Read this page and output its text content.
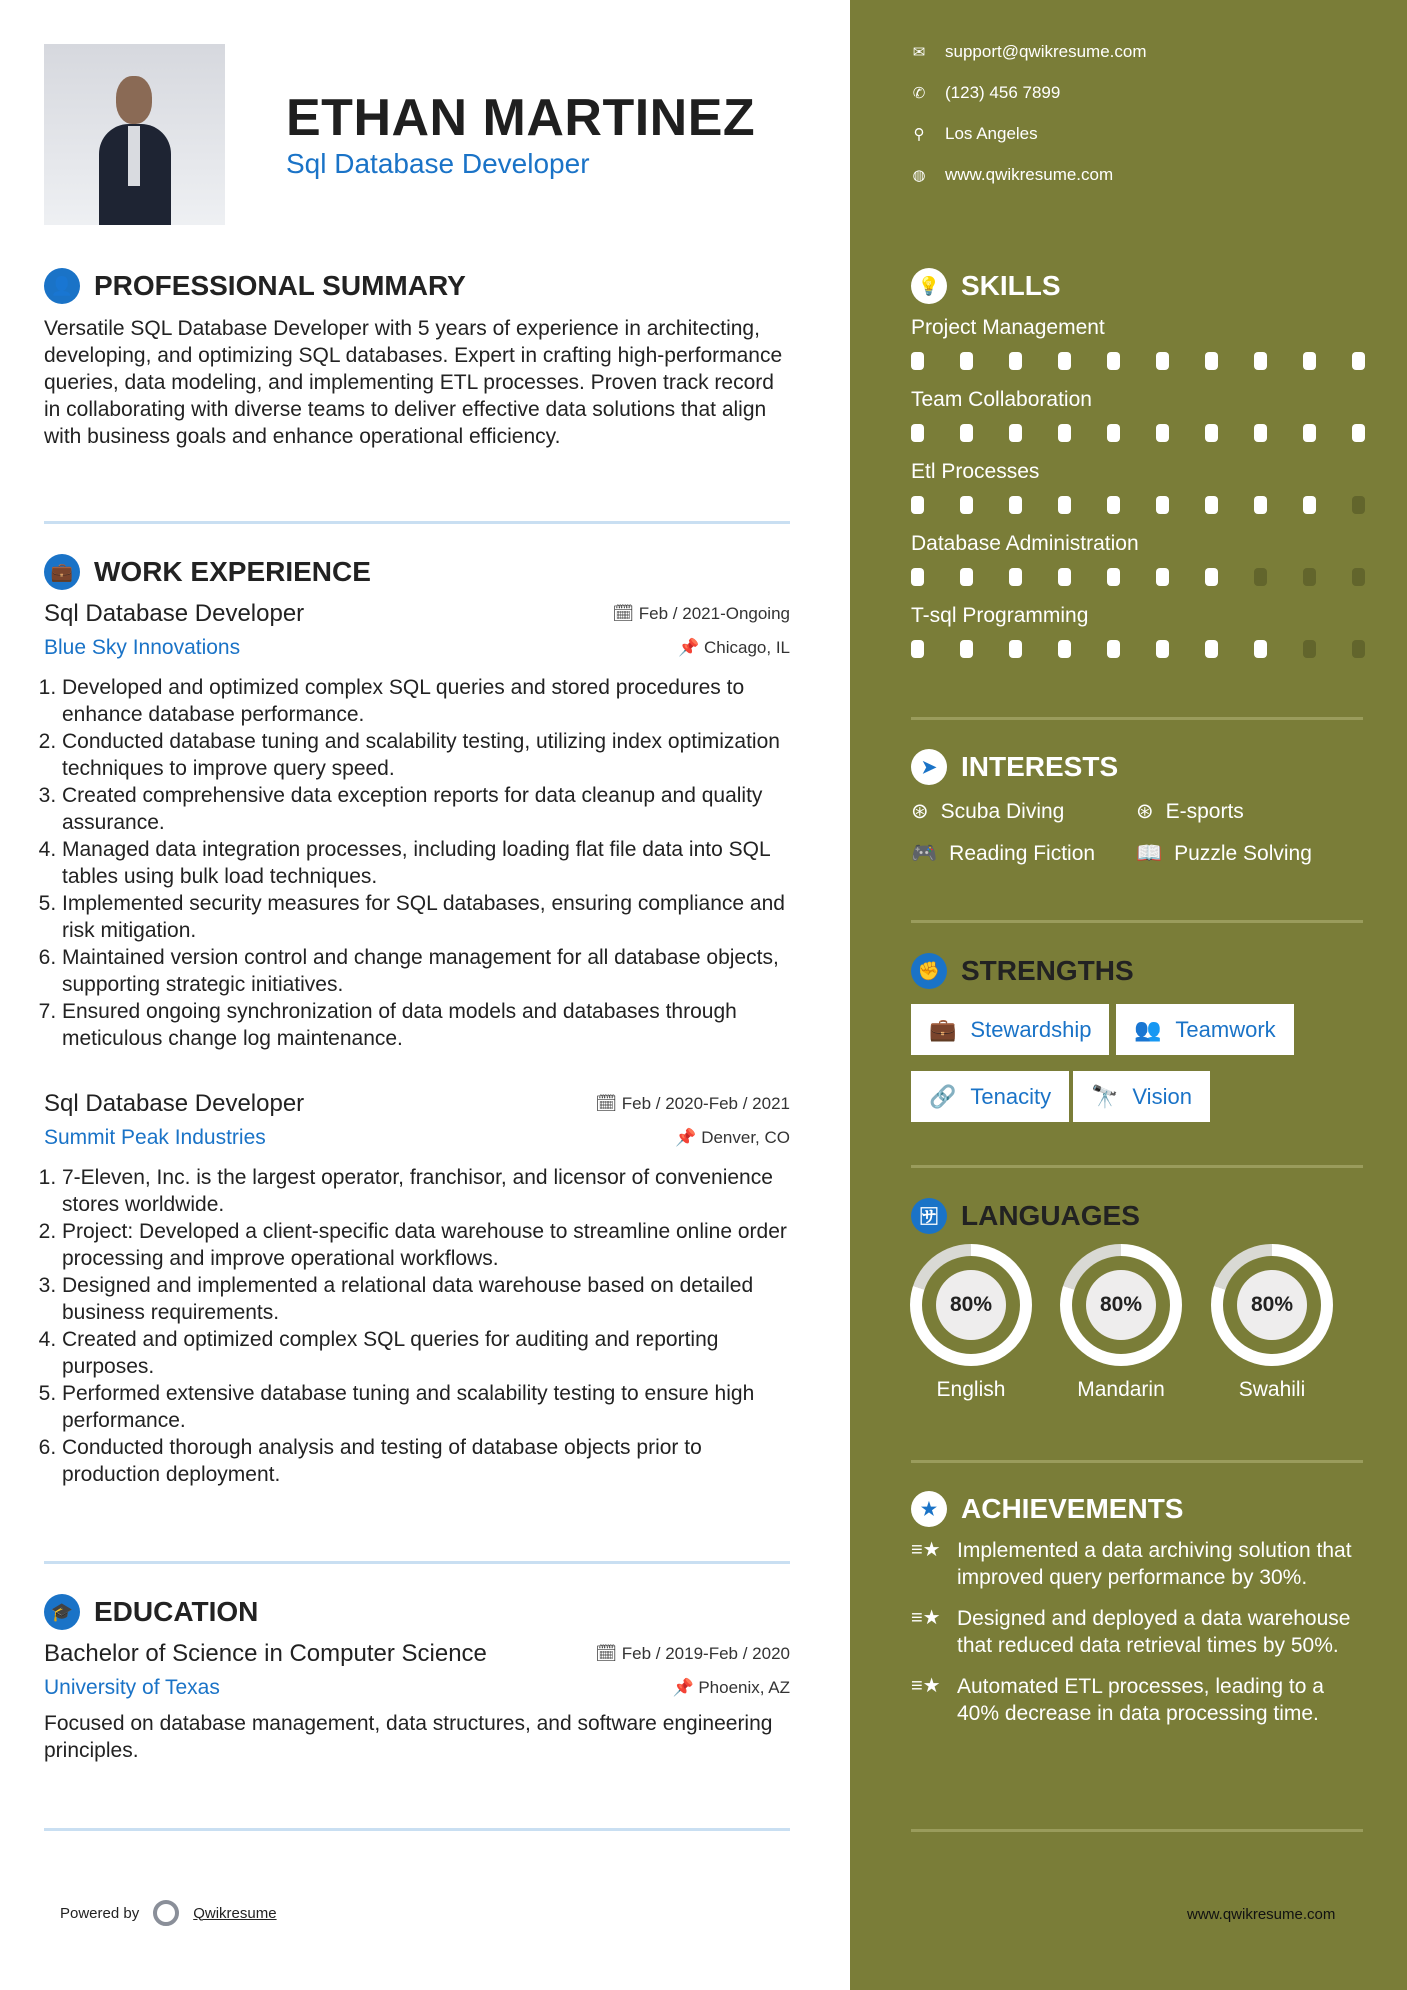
ETHAN MARTINEZ
Sql Database Developer
👤 PROFESSIONAL SUMMARY
Versatile SQL Database Developer with 5 years of experience in architecting, developing, and optimizing SQL databases. Expert in crafting high-performance queries, data modeling, and implementing ETL processes. Proven track record in collaborating with diverse teams to deliver effective data solutions that align with business goals and enhance operational efficiency.
💼 WORK EXPERIENCE
Sql Database Developer	🗓 Feb / 2021-Ongoing
Blue Sky Innovations	📌 Chicago, IL
1. Developed and optimized complex SQL queries and stored procedures to enhance database performance.
2. Conducted database tuning and scalability testing, utilizing index optimization techniques to improve query speed.
3. Created comprehensive data exception reports for data cleanup and quality assurance.
4. Managed data integration processes, including loading flat file data into SQL tables using bulk load techniques.
5. Implemented security measures for SQL databases, ensuring compliance and risk mitigation.
6. Maintained version control and change management for all database objects, supporting strategic initiatives.
7. Ensured ongoing synchronization of data models and databases through meticulous change log maintenance.
Sql Database Developer	🗓 Feb / 2020-Feb / 2021
Summit Peak Industries	📌 Denver, CO
1. 7-Eleven, Inc. is the largest operator, franchisor, and licensor of convenience stores worldwide.
2. Project: Developed a client-specific data warehouse to streamline online order processing and improve operational workflows.
3. Designed and implemented a relational data warehouse based on detailed business requirements.
4. Created and optimized complex SQL queries for auditing and reporting purposes.
5. Performed extensive database tuning and scalability testing to ensure high performance.
6. Conducted thorough analysis and testing of database objects prior to production deployment.
🎓 EDUCATION
Bachelor of Science in Computer Science	🗓 Feb / 2019-Feb / 2020
University of Texas	📌 Phoenix, AZ
Focused on database management, data structures, and software engineering principles.
Powered by	Qwikresume
✉ support@qwikresume.com
✆ (123) 456 7899
⚲ Los Angeles
◍ www.qwikresume.com
💡 SKILLS
Project Management
Team Collaboration
Etl Processes
Database Administration
T-sql Programming
➤ INTERESTS
⊛ Scuba Diving	⊛ E-sports
🎮 Reading Fiction 📖 Puzzle Solving
✊ STRENGTHS
💼 Stewardship 👥 Teamwork
🔗 Tenacity 🔭 Vision
🈂 LANGUAGES
80%
English
80%
Mandarin
80%
Swahili
★ ACHIEVEMENTS
≡★ Implemented a data archiving solution that improved query performance by 30%.
≡★ Designed and deployed a data warehouse that reduced data retrieval times by 50%.
≡★ Automated ETL processes, leading to a 40% decrease in data processing time.
www.qwikresume.com
